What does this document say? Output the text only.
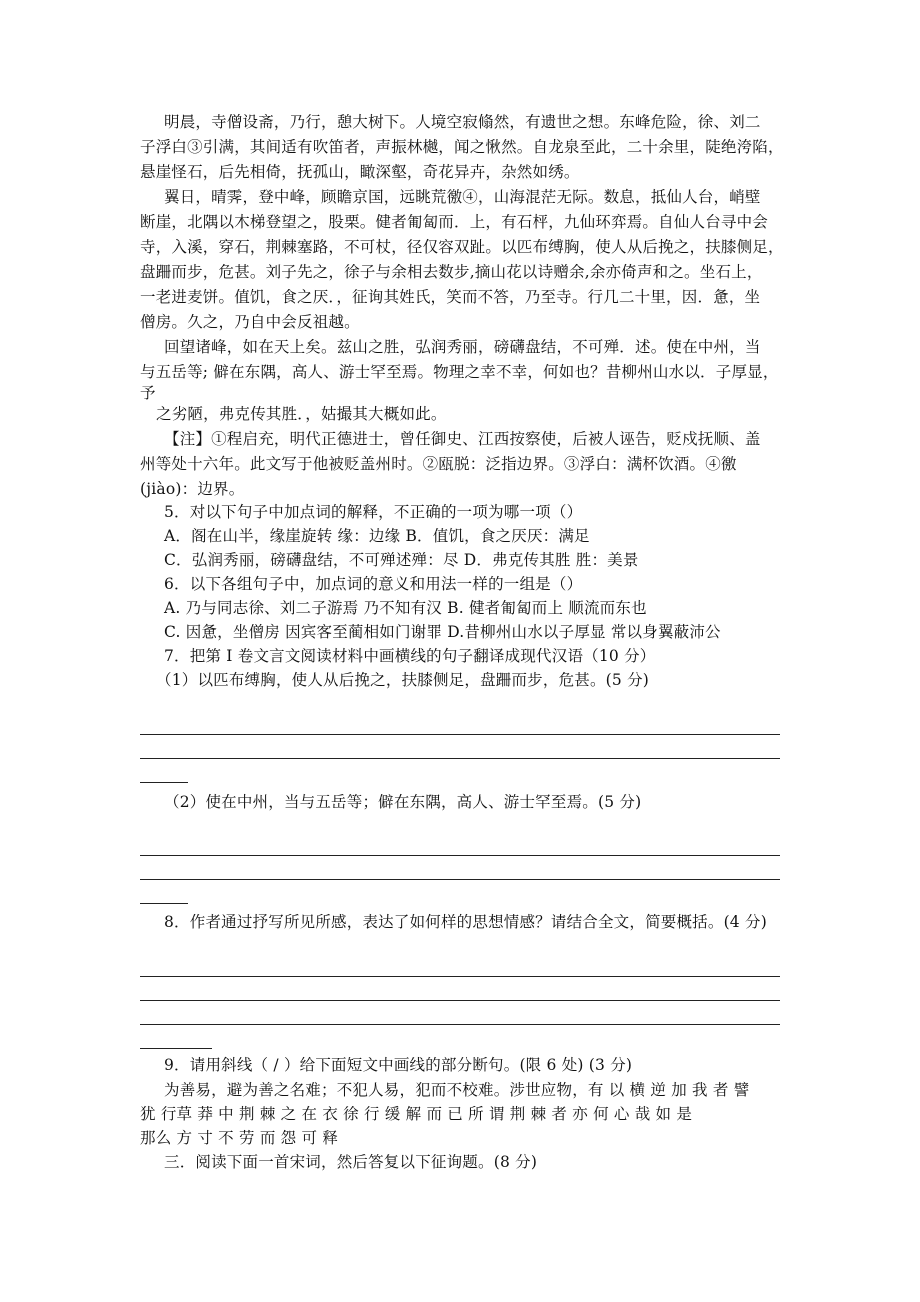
明晨，寺僧设斋，乃行，憩大树下。人境空寂翛然，有遗世之想。东峰危险，徐、刘二
子浮白③引满，其间适有吹笛者，声振林樾，闻之愀然。自龙泉至此，二十余里，陡绝洿陷，
悬崖怪石，后先相倚，抚孤山，瞰深壑，奇花异卉，杂然如绣。
翼日，晴霁，登中峰，顾瞻京国，远眺荒徼④，山海混茫无际。数息，抵仙人台，峭壁
断崖，北隅以木梯登望之，股栗。健者匍匐而．上，有石枰，九仙环弈焉。自仙人台寻中会
寺，入溪，穿石，荆棘塞路，不可杖，径仅容双趾。以匹布缚胸，使人从后挽之，扶膝侧足，
盘跚而步，危甚。刘子先之，徐子与余相去数步,摘山花以诗赠余,余亦倚声和之。坐石上，
一老进麦饼。值饥，食之厌．，征询其姓氏，笑而不答，乃至寺。行几二十里，因．惫，坐
僧房。久之，乃自中会反祖越。
回望诸峰，如在天上矣。兹山之胜，弘润秀丽，磅礴盘结，不可殚．述。使在中州，当
与五岳等; 僻在东隅，高人、游士罕至焉。物理之幸不幸，何如也？昔柳州山水以．子厚显，
予
之劣陋，弗克传其胜．，姑撮其大概如此。
【注】①程启充，明代正德进士，曾任御史、江西按察使，后被人诬告，贬戍抚顺、盖
州等处十六年。此文写于他被贬盖州时。②瓯脱：泛指边界。③浮白：满杯饮酒。④徼
(jiào)：边界。
5．对以下句子中加点词的解释，不正确的一项为哪一项（）
A．阁在山半，缘崖旋转 缘：边缘 B．值饥，食之厌厌：满足
C．弘润秀丽，磅礴盘结，不可殚述殚：尽 D．弗克传其胜 胜：美景
6．以下各组句子中，加点词的意义和用法一样的一组是（）
A. 乃与同志徐、刘二子游焉 乃不知有汉 B. 健者匍匐而上 顺流而东也
C. 因惫，坐僧房 因宾客至蔺相如门谢罪 D.昔柳州山水以子厚显 常以身翼蔽沛公
7．把第 I 卷文言文阅读材料中画横线的句子翻译成现代汉语（10 分）
（1）以匹布缚胸，使人从后挽之，扶膝侧足，盘跚而步，危甚。(5 分)
（2）使在中州，当与五岳等；僻在东隅，高人、游士罕至焉。(5 分)
8．作者通过抒写所见所感，表达了如何样的思想情感？请结合全文，简要概括。(4 分)
9．请用斜线（ / ）给下面短文中画线的部分断句。(限 6 处) (3 分)
为善易，避为善之名难；不犯人易，犯而不校难。涉世应物，有 以 横 逆 加 我 者 譬
犹 行草 莽 中 荆 棘 之 在 衣 徐 行 缓 解 而 已 所 谓 荆 棘 者 亦 何 心 哉 如 是
那么 方 寸 不 劳 而 怨 可 释
三．阅读下面一首宋词，然后答复以下征询题。(8 分)
